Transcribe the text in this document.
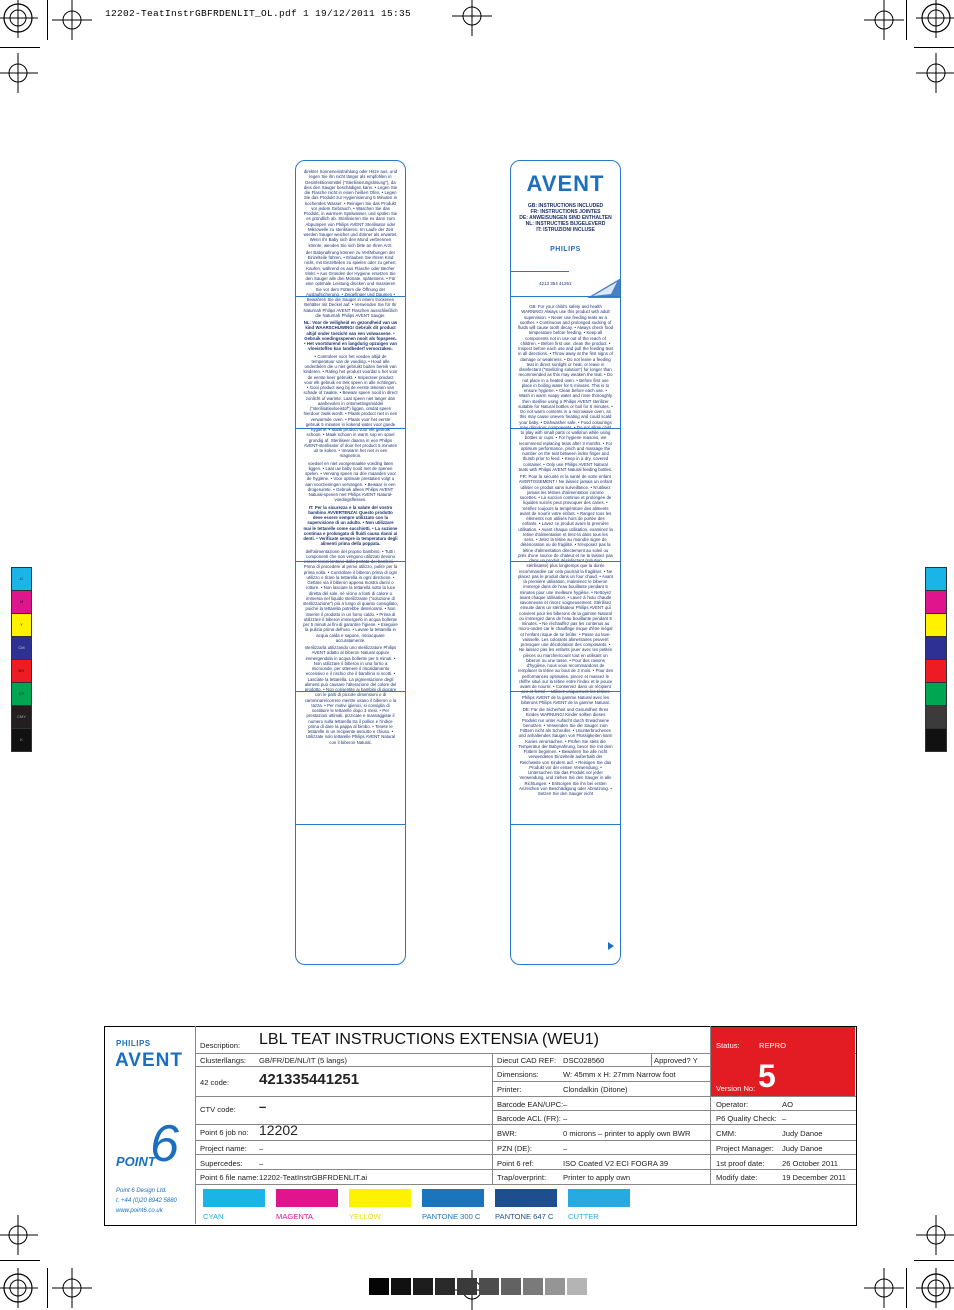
12202-TeatInstrGBFRDENLIT_OL.pdf 1 19/12/2011 15:35

direkter Sonneneinstrahlung oder Hitze aus, und legen Sie ihn nicht länger als empfohlen in Desinfektionsmittel ("Sterilisierungslösung"), da dies den Sauger beschädigen kann. • Legen Sie die Flasche nicht in einen heißen Ofen. • Legen Sie das Produkt zur Hygienisierung 5 Minuten in kochendes Wasser. • Reinigen Sie das Produkt vor jedem Gebrauch. • Waschen Sie das Produkt, in warmem Spülwasser, und spülen Sie es gründlich ab. Sterilisieren Sie es dann zum Abpumpen von Philips AVENT Sterilisator oder Mikrowelle zu sterilisieren. Im Laufe der Zeit werden Sauger weicher und dünner als erwartet. Wenn Ihr Baby sich den Mund verbrennen könnte, wenden Sie sich bitte an Ihren Arzt.

der Babynahrung können zu Verfärbungen der Einzelteile führen. • Erlauben Sie Ihrem Kind nicht, mit Einzelteilen zu spielen oder zu gehen. Kaufen, während es aus Flasche oder Becher trinkt. • Aus Gründen der Hygiene ersetzen Sie den Sauger alle drei Monate, spätestens. • Für eine optimale Leistung drücken und massieren Sie vor dem Füttern die Öffnung der Auslaufsicherung. • Zeigefinger und Daumen • Bewahren Sie die Sauger in einem trockenen Behälter mit Deckel auf. • Verwenden Sie für Ihr Naturnah Philips AVENT Flaschen ausschließlich die Naturnah Philips AVENT Sauger.

NL: Voor de veiligheid en gezondheid van uw kind WAARSCHUWING! Gebruik dit product altijd onder toezicht van een volwassene. • Gebruik voedingsspenen nooit als fopspeen. • Het voortdurend en langdurig opzuigen van vloeistoffen kan tandbederf veroorzaken.

• Controleer voor het voeden altijd de temperatuur van de voeding. • Houd alle onderdelen die u niet gebruikt buiten bereik van kinderen. • Rating het product voordat u het voor de eerste keer gebruikt. • Inspecteer product voor elk gebruik en trek speen in alle richtingen. • Gooi product weg bij de eerste tekenen van schade of zwakte. • Bewaar speen nooit in direct zonlicht of warmte. Laat speen niet langer dan aanbevolen in ontsmettingsmiddel ("sterilisatievloeistof") liggen, omdat speen hierdoor zwak wordt. • Plaats product niet in een verwarmde oven. • Plaats voor het eerste gebruik 5 minuten in kokend water voor goede hygiëne. • Maak product voor elk gebruik schoon. • Maak schoon in warm sop en spoel grondig af. Steriliseer daarna in een Philips AVENT-sterilisator of door het product 5 minuten uit te koken. • Verwarm het niet in een magnetron.

voedsel en niet voorgemaakte voeding laten liggen. • Laat uw baby nooit met de spenen spelen. • Vervang speen na drie maanden voor de hygiëne. • Voor optimale prestaties volgt u aan voorzieningen vervangen. • Bewaar in een drogeruimte. • Gebruik alleen Philips AVENT Natural-spenen met Philips AVENT Natural-voedingsflessen.

IT: Per la sicurezza e la salute del vostro bambino AVVERTENZA! Questo prodotto deve essere sempre utilizzato con la supervisione di un adulto. • Non utilizzare mai le tettarelle come succhiotti. • La suzione continua e prolungata di fluidi causa danni ai denti. • Verificate sempre la temperatura degli alimenti prima della poppata.

dell'alimentazione del proprio bambino. • Tutti i componenti che non vengono utilizzati devono essere tenuti lontano dalla portata dei bambini. • Prima di procedere al primo utilizzo, pulire per la prima volta. • Controllare il biberon prima di ogni utilizzo e tirare la tettarella in ogni direzione. • Gettare via il biberon appena mostra danni o rotture. • Non lasciare la tettarella sotto la luce diretta del sole, né vicino a fonti di calore o immersa nel liquido sterilizzante ("soluzione di sterilizzazione") più a lungo di quanto consigliato, poiché la tettarella potrebbe deteriorarsi. • Non inserire il prodotto in un forno caldo. • Prima di utilizzare il biberon immergerlo in acqua bollente per 5 minuti ai fini di garantire l'igiene. • Eseguire la pulizia prima dell'uso. • Lavare la tettarella in acqua calda e sapone, risciacquare accuratamente.

sterilizzarla utilizzando uno sterilizzatore Philips AVENT adatto al biberon Natural oppure immergendola in acqua bollente per 5 minuti. • Non utilizzare il biberon in una forno a microonde, per ottenere il riscaldamento eccessivo e il rischio che il bambino si scotti. • Lasciate la tettarella. La pigmentazione degli alimenti può causare l'alterazione del colore del prodotto. • Non consentite ai bambini di giocare con le parti di piccole dimensioni o di camminare/correre mentre usano il biberon o la tazza. • Per motivi igienici, si consiglia di sostituire le tettarelle dopo 3 mesi. • Per prestazioni ottimali, pizzicate e massaggiate il numero sulla tettarella tra il pollice e l'indice prima di dare la pappa al bimbo. • Tenete le tettarelle in un recipiente asciutto e chiuso. • Utilizzate solo tettarelle Philips AVENT Natural con il biberon Natural.

AVENT
GB: INSTRUCTIONS INCLUDED
FR: INSTRUCTIONS JOINTES
DE: ANWEISUNGEN SIND ENTHALTEN
NL: INSTRUCTIES BIJGELEVERD
IT: ISTRUZIONI INCLUSE
PHILIPS
4213 354 41251

GB: For your child's safety and health WARNING! Always use this product with adult supervision. • Never use feeding teats as a soother. • Continuous and prolonged sucking of fluids will cause tooth decay. • Always check food temperature before feeding. • Keep all components not in use out of the reach of children. • Before first use, clean the product. • Inspect before each use and pull the feeding teat in all directions. • Throw away at the first signs of damage or weakness. • Do not leave a feeding teat in direct sunlight or heat, or leave in disinfectant ("sterilizing solution") for longer than recommended as this may weaken the teat. • Do not place in a heated oven. • Before first use place in boiling water for 5 minutes. This is to ensure hygiene. • Clean before each use. • Wash in warm soapy water and rinse thoroughly then sterilise using a Philips AVENT sterilizer suitable for Natural bottles or boil for 5 minutes. • Do not warm contents in a microwave oven, as this may cause uneven heating and could scald your baby. • Dishwasher safe. • Food colourings may discolour components. • Do not allow child to play with small parts or walk/run while using bottles or cups. • For hygiene reasons, we recommend replacing teats after 3 months. • For optimum performance, pinch and massage the number on the teat between index finger and thumb prior to feed. • Keep in a dry, covered container. • Only use Philips AVENT Natural teats with Philips AVENT Natural feeding bottles.

FR: Pour la sécurité et la santé de votre enfant AVERTISSEMENT ! Ne laissez jamais un enfant utiliser ce produit sans surveillance. • N'utilisez jamais les tétines d'alimentation comme sucettes. • La succion continue et prolongée de liquides sucrés peut provoquer des caries. • Vérifiez toujours la température des aliments avant de nourrir votre enfant. • Rangez tous les éléments non utilisés hors de portée des enfants. • Lavez ce produit avant la première utilisation. • Avant chaque utilisation, examinez la tétine d'alimentation et tirez-la dans tous les sens. • Jetez la tétine au moindre signe de détérioration ou de fragilité. • N'exposez pas la tétine d'alimentation directement au soleil ou près d'une source de chaleur et ne la laissez pas dans un produit désinfectant (solution stérilisante) plus longtemps que la durée recommandée car cela pourrait la fragiliser. • Ne placez pas le produit dans un four chaud. • Avant la première utilisation, maintenez le biberon immergé dans de l'eau bouillante pendant 5 minutes pour une meilleure hygiène. • Nettoyez avant chaque utilisation. • Lavez à l'eau chaude savonneuse et rincez soigneusement. Stérilisez ensuite dans un stérilisateur Philips AVENT qui convient pour les biberons de la gamme Natural ou immergez dans de l'eau bouillante pendant 5 minutes. • Ne réchauffez pas les contenus au micro-ondes car le chauffage risque d'être inégal et l'enfant risque de se brûler. • Passe au lave-vaisselle. Les colorants alimentaires peuvent provoquer une décoloration des composants. • Ne laissez pas les enfants jouer avec les petites pièces ou marcher/courir tout en utilisant un biberon ou une tasse. • Pour des raisons d'hygiène, nous vous recommandons de remplacer la tétine au bout de 3 mois. • Pour des performances optimales, pincez et massez le chiffre situé sur la tétine entre l'index et le pouce avant de nourrir. • Conservez dans un récipient sec et fermé. • Utilisez uniquement les tétines Philips AVENT de la gamme Natural avec les biberons Philips AVENT de la gamme Natural.

DE: Für die Sicherheit und Gesundheit Ihres Kindes WARNUNG! Kinder sollten dieses Produkt nur unter Aufsicht durch Erwachsene benutzen. • Verwenden Sie die Sauger zum Füttern nicht als Schnuller. • Ununterbrochenes und anhaltendes Saugen von Flüssigkeiten kann Karies verursachen. • Prüfen Sie stets die Temperatur der Babynahrung, bevor Sie mit dem Füttern beginnen. • Bewahren Sie alle nicht verwendeten Einzelteile außerhalb der Reichweite von Kindern auf. • Reinigen Sie das Produkt vor der ersten Verwendung. • Untersuchen Sie das Produkt vor jeder Verwendung, und ziehen Sie den Sauger in alle Richtungen. • Entsorgen Sie ihn bei ersten Anzeichen von Beschädigung oder Abnutzung. • Setzen Sie den Sauger nicht

C
M
Y
CM
MY
CY
CMY
K
PHILIPS
AVENT
POINT
6
Point 6 Design Ltd.
t. +44 (0)20 8942 5880
www.point6.co.uk
Description: LBL TEAT INSTRUCTIONS EXTENSIA (WEU1)	Status:	REPRO
Version No: 5
Clusterllangs: GB/FR/DE/NL/IT (5 langs)
42 code: 421335441251
CTV code: –
Point 6 job no: 12202
Project name: –
Supercedes: –
Point 6 file name: 12202-TeatInstrGBFRDENLIT.ai
Diecut CAD REF: DSC028560	Approved? Y
Dimensions:	W: 45mm x H: 27mm Narrow foot
Printer:	Clondalkin (Ditone)
Barcode EAN/UPC: –
Barcode ACL (FR): –
BWR:	0 microns – printer to apply own BWR
PZN (DE):	–
Point 6 ref:	ISO Coated V2 ECI FOGRA 39
Trap/overprint: Printer to apply own
Operator:	AO
P6 Quality Check: –
CMM:	Judy Danoe
Project Manager: Judy Danoe
1st proof date: 26 October 2011
Modify date:	19 December 2011
CYAN	MAGENTA	YELLOW	PANTONE 300 C PANTONE 647 C CUTTER
